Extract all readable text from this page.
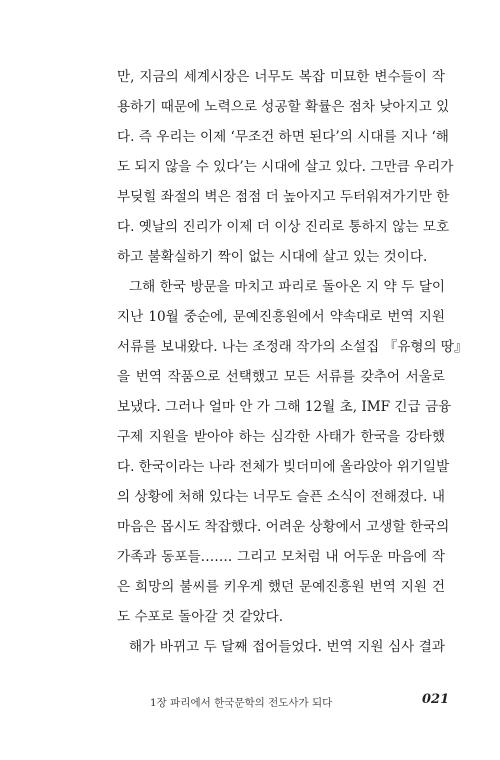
만, 지금의 세계시장은 너무도 복잡 미묘한 변수들이 작
용하기 때문에 노력으로 성공할 확률은 점차 낮아지고 있
다. 즉 우리는 이제 ‘무조건 하면 된다’의 시대를 지나 ‘해
도 되지 않을 수 있다’는 시대에 살고 있다. 그만큼 우리가
부딪힐 좌절의 벽은 점점 더 높아지고 두터워져가기만 한
다. 옛날의 진리가 이제 더 이상 진리로 통하지 않는 모호
하고 불확실하기 짝이 없는 시대에 살고 있는 것이다.
그해 한국 방문을 마치고 파리로 돌아온 지 약 두 달이
지난 10월 중순에, 문예진흥원에서 약속대로 번역 지원
서류를 보내왔다. 나는 조정래 작가의 소설집 『유형의 땅』
을 번역 작품으로 선택했고 모든 서류를 갖추어 서울로
보냈다. 그러나 얼마 안 가 그해 12월 초, IMF 긴급 금융
구제 지원을 받아야 하는 심각한 사태가 한국을 강타했
다. 한국이라는 나라 전체가 빚더미에 올라앉아 위기일발
의 상황에 처해 있다는 너무도 슬픈 소식이 전해졌다. 내
마음은 몹시도 착잡했다. 어려운 상황에서 고생할 한국의
가족과 동포들……. 그리고 모처럼 내 어두운 마음에 작
은 희망의 불씨를 키우게 했던 문예진흥원 번역 지원 건
도 수포로 돌아갈 것 같았다.
해가 바뀌고 두 달째 접어들었다. 번역 지원 심사 결과
1장 파리에서 한국문학의 전도사가 되다	021
